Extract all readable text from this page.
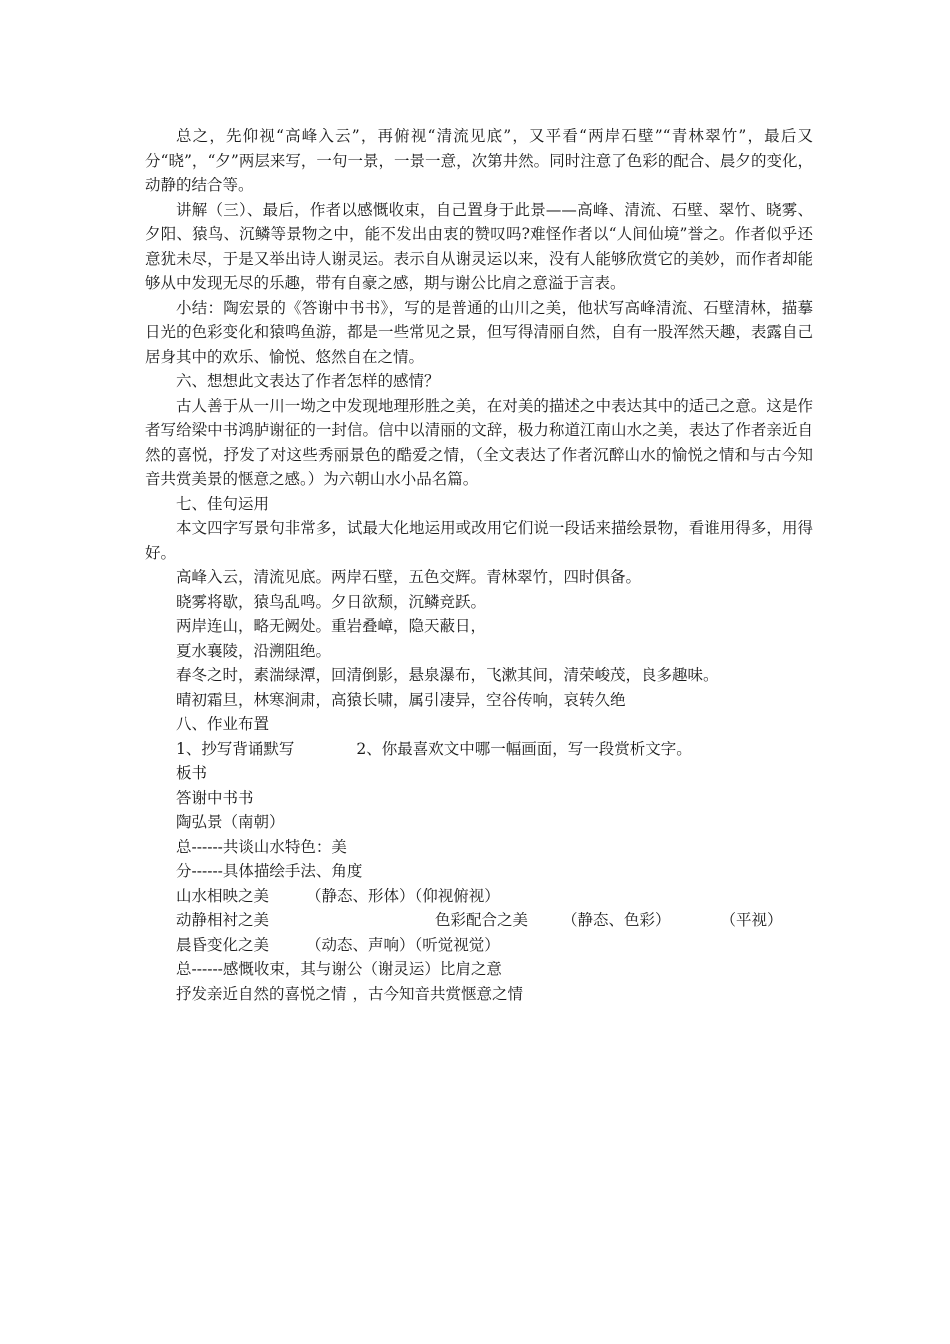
总之，先仰视“高峰入云”，再俯视“清流见底”，又平看“两岸石壁”“青林翠竹”，最后又分“晓”，“夕”两层来写，一句一景，一景一意，次第井然。同时注意了色彩的配合、晨夕的变化，动静的结合等。

讲解（三）、最后，作者以感慨收束，自己置身于此景——高峰、清流、石壁、翠竹、晓雾、夕阳、猿鸟、沉鳞等景物之中，能不发出由衷的赞叹吗?难怪作者以“人间仙境”誉之。作者似乎还意犹未尽，于是又举出诗人谢灵运。表示自从谢灵运以来，没有人能够欣赏它的美妙，而作者却能够从中发现无尽的乐趣，带有自豪之感，期与谢公比肩之意溢于言表。

小结：陶宏景的《答谢中书书》，写的是普通的山川之美，他状写高峰清流、石壁清林，描摹日光的色彩变化和猿鸣鱼游，都是一些常见之景，但写得清丽自然，自有一股浑然天趣，表露自己居身其中的欢乐、愉悦、悠然自在之情。

六、想想此文表达了作者怎样的感情？

古人善于从一川一坳之中发现地理形胜之美，在对美的描述之中表达其中的适己之意。这是作者写给梁中书鸿胪谢征的一封信。信中以清丽的文辞，极力称道江南山水之美，表达了作者亲近自然的喜悦，抒发了对这些秀丽景色的酷爱之情，（全文表达了作者沉醉山水的愉悦之情和与古今知音共赏美景的惬意之感。）为六朝山水小品名篇。

七、佳句运用

本文四字写景句非常多，试最大化地运用或改用它们说一段话来描绘景物，看谁用得多，用得好。

高峰入云，清流见底。两岸石壁，五色交辉。青林翠竹，四时俱备。

晓雾将歇，猿鸟乱鸣。夕日欲颓，沉鳞竞跃。

两岸连山，略无阙处。重岩叠嶂，隐天蔽日，

夏水襄陵，沿溯阻绝。

春冬之时，素湍绿潭，回清倒影，悬泉瀑布，飞漱其间，清荣峻茂，良多趣味。

晴初霜旦，林寒涧肃，高猿长啸，属引凄异，空谷传响，哀转久绝

八、作业布置

1、抄写背诵默写	2、你最喜欢文中哪一幅画面，写一段赏析文字。

板书

答谢中书书

陶弘景（南朝）

总------共谈山水特色：美

分------具体描绘手法、角度

山水相映之美 （静态、形体）（仰视俯视）

动静相衬之美	色彩配合之美 （静态、色彩）	（平视）

晨昏变化之美 （动态、声响）（听觉视觉）

总------感慨收束，其与谢公（谢灵运）比肩之意

抒发亲近自然的喜悦之情 ，古今知音共赏惬意之情
